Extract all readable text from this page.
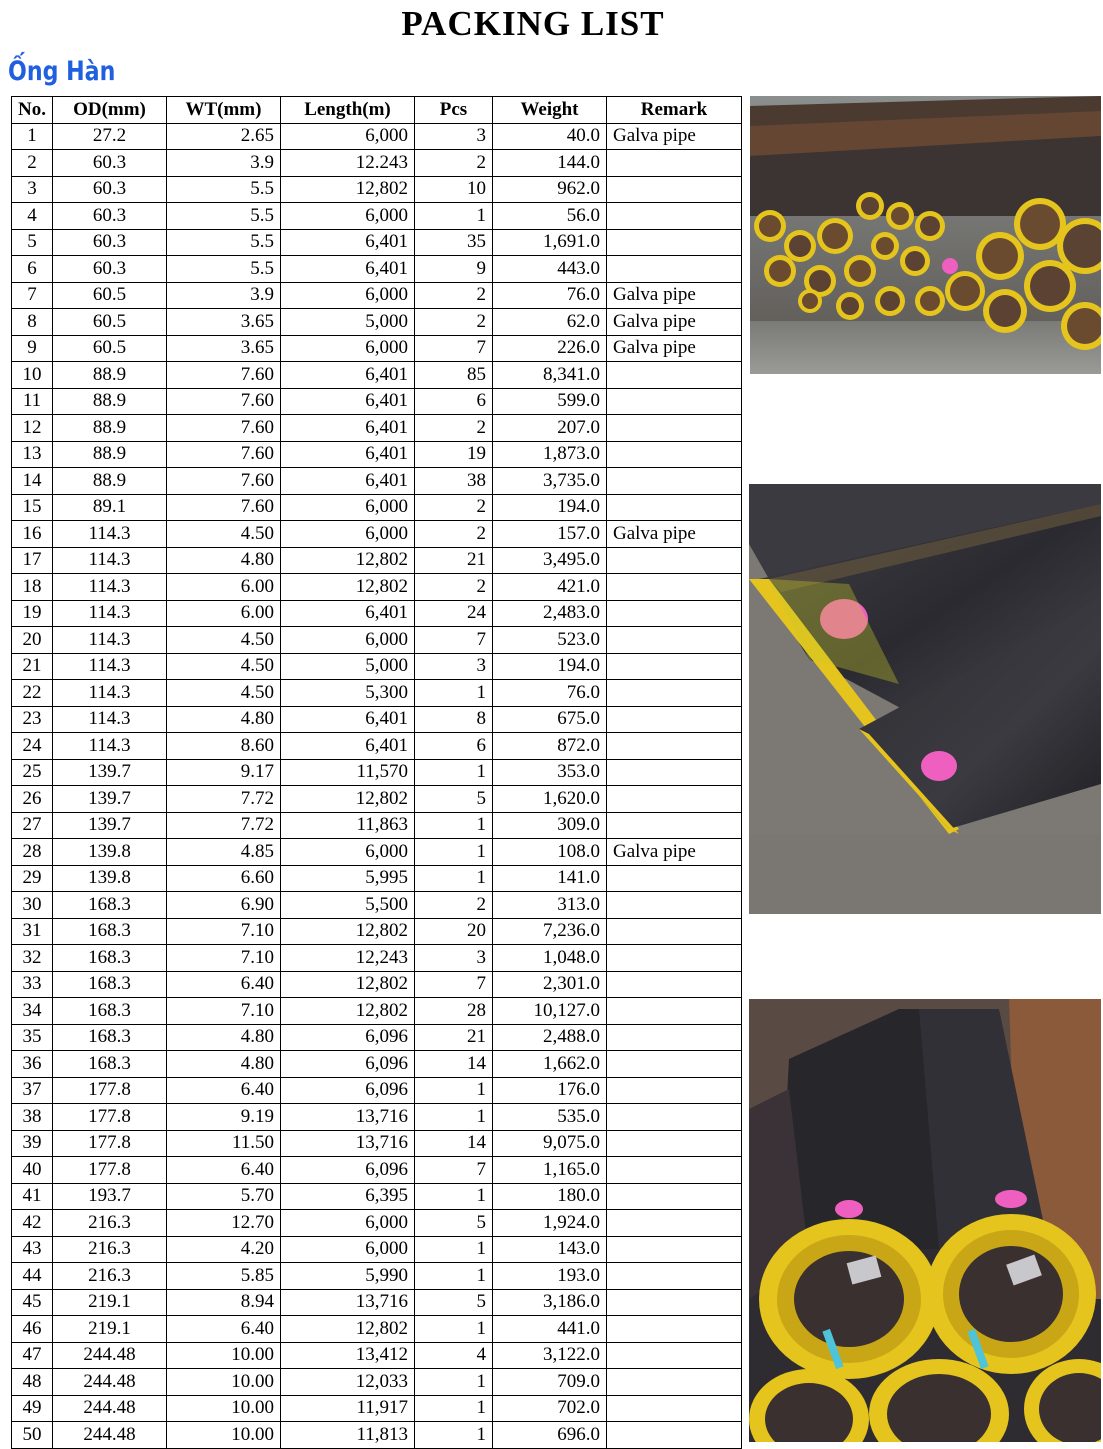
PACKING LIST
Ống Hàn
No.	OD(mm)	WT(mm)	Length(m)	Pcs	Weight	Remark
1	27.2	2.65	6,000	3	40.0	Galva pipe
2	60.3	3.9	12.243	2	144.0	
3	60.3	5.5	12,802	10	962.0	
4	60.3	5.5	6,000	1	56.0	
5	60.3	5.5	6,401	35	1,691.0	
6	60.3	5.5	6,401	9	443.0	
7	60.5	3.9	6,000	2	76.0	Galva pipe
8	60.5	3.65	5,000	2	62.0	Galva pipe
9	60.5	3.65	6,000	7	226.0	Galva pipe
10	88.9	7.60	6,401	85	8,341.0	
11	88.9	7.60	6,401	6	599.0	
12	88.9	7.60	6,401	2	207.0	
13	88.9	7.60	6,401	19	1,873.0	
14	88.9	7.60	6,401	38	3,735.0	
15	89.1	7.60	6,000	2	194.0	
16	114.3	4.50	6,000	2	157.0	Galva pipe
17	114.3	4.80	12,802	21	3,495.0	
18	114.3	6.00	12,802	2	421.0	
19	114.3	6.00	6,401	24	2,483.0	
20	114.3	4.50	6,000	7	523.0	
21	114.3	4.50	5,000	3	194.0	
22	114.3	4.50	5,300	1	76.0	
23	114.3	4.80	6,401	8	675.0	
24	114.3	8.60	6,401	6	872.0	
25	139.7	9.17	11,570	1	353.0	
26	139.7	7.72	12,802	5	1,620.0	
27	139.7	7.72	11,863	1	309.0	
28	139.8	4.85	6,000	1	108.0	Galva pipe
29	139.8	6.60	5,995	1	141.0	
30	168.3	6.90	5,500	2	313.0	
31	168.3	7.10	12,802	20	7,236.0	
32	168.3	7.10	12,243	3	1,048.0	
33	168.3	6.40	12,802	7	2,301.0	
34	168.3	7.10	12,802	28	10,127.0	
35	168.3	4.80	6,096	21	2,488.0	
36	168.3	4.80	6,096	14	1,662.0	
37	177.8	6.40	6,096	1	176.0	
38	177.8	9.19	13,716	1	535.0	
39	177.8	11.50	13,716	14	9,075.0	
40	177.8	6.40	6,096	7	1,165.0	
41	193.7	5.70	6,395	1	180.0	
42	216.3	12.70	6,000	5	1,924.0	
43	216.3	4.20	6,000	1	143.0	
44	216.3	5.85	5,990	1	193.0	
45	219.1	8.94	13,716	5	3,186.0	
46	219.1	6.40	12,802	1	441.0	
47	244.48	10.00	13,412	4	3,122.0	
48	244.48	10.00	12,033	1	709.0	
49	244.48	10.00	11,917	1	702.0	
50	244.48	10.00	11,813	1	696.0	
